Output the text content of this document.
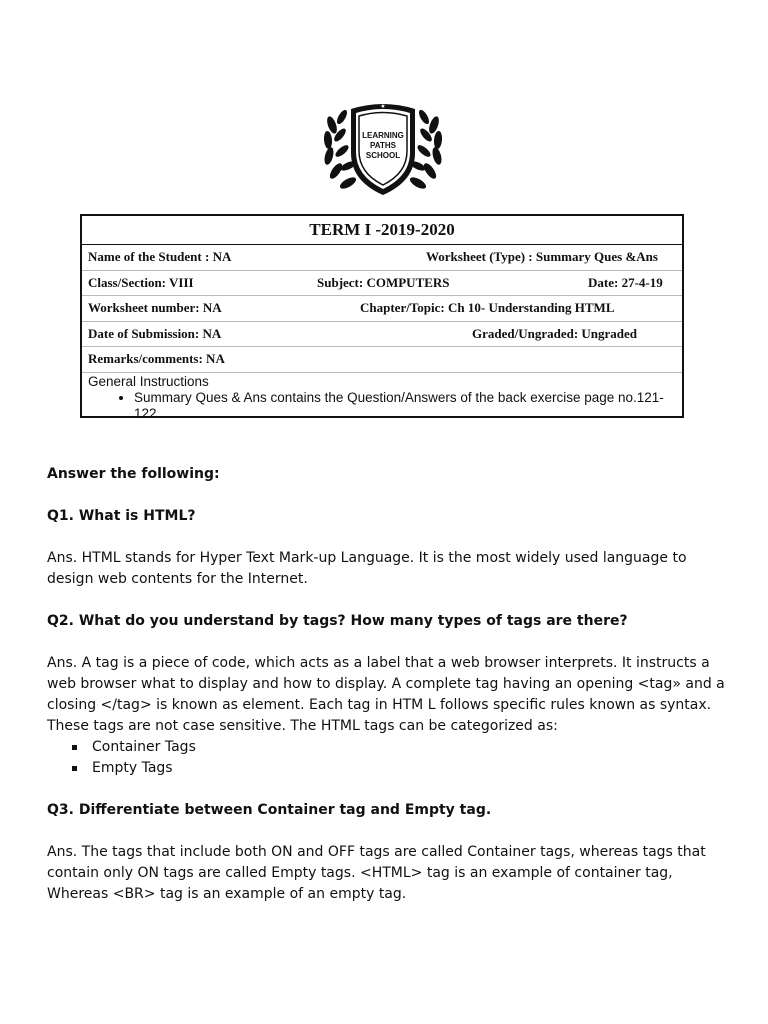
★
LEARNING
PATHS
SCHOOL
TERM I -2019-2020
Name of the Student : NA	Worksheet (Type) : Summary Ques &Ans
Class/Section: VIII	Subject: COMPUTERS	Date: 27-4-19
Worksheet number: NA	Chapter/Topic: Ch 10- Understanding HTML
Date of Submission: NA	Graded/Ungraded: Ungraded
Remarks/comments: NA
General Instructions
• Summary Ques & Ans contains the Question/Answers of the back exercise page no.121-122

Answer the following:

Q1. What is HTML?

Ans. HTML stands for Hyper Text Mark-up Language. It is the most widely used language to design web contents for the Internet.

Q2. What do you understand by tags? How many types of tags are there?

Ans. A tag is a piece of code, which acts as a label that a web browser interprets. It instructs a web browser what to display and how to display. A complete tag having an opening <tag» and a closing </tag> is known as element. Each tag in HTM L follows specific rules known as syntax.

These tags are not case sensitive. The HTML tags can be categorized as:

Container Tags
Empty Tags

Q3. Differentiate between Container tag and Empty tag.

Ans. The tags that include both ON and OFF tags are called Container tags, whereas tags that contain only ON tags are called Empty tags. <HTML> tag is an example of container tag, Whereas <BR> tag is an example of an empty tag.
